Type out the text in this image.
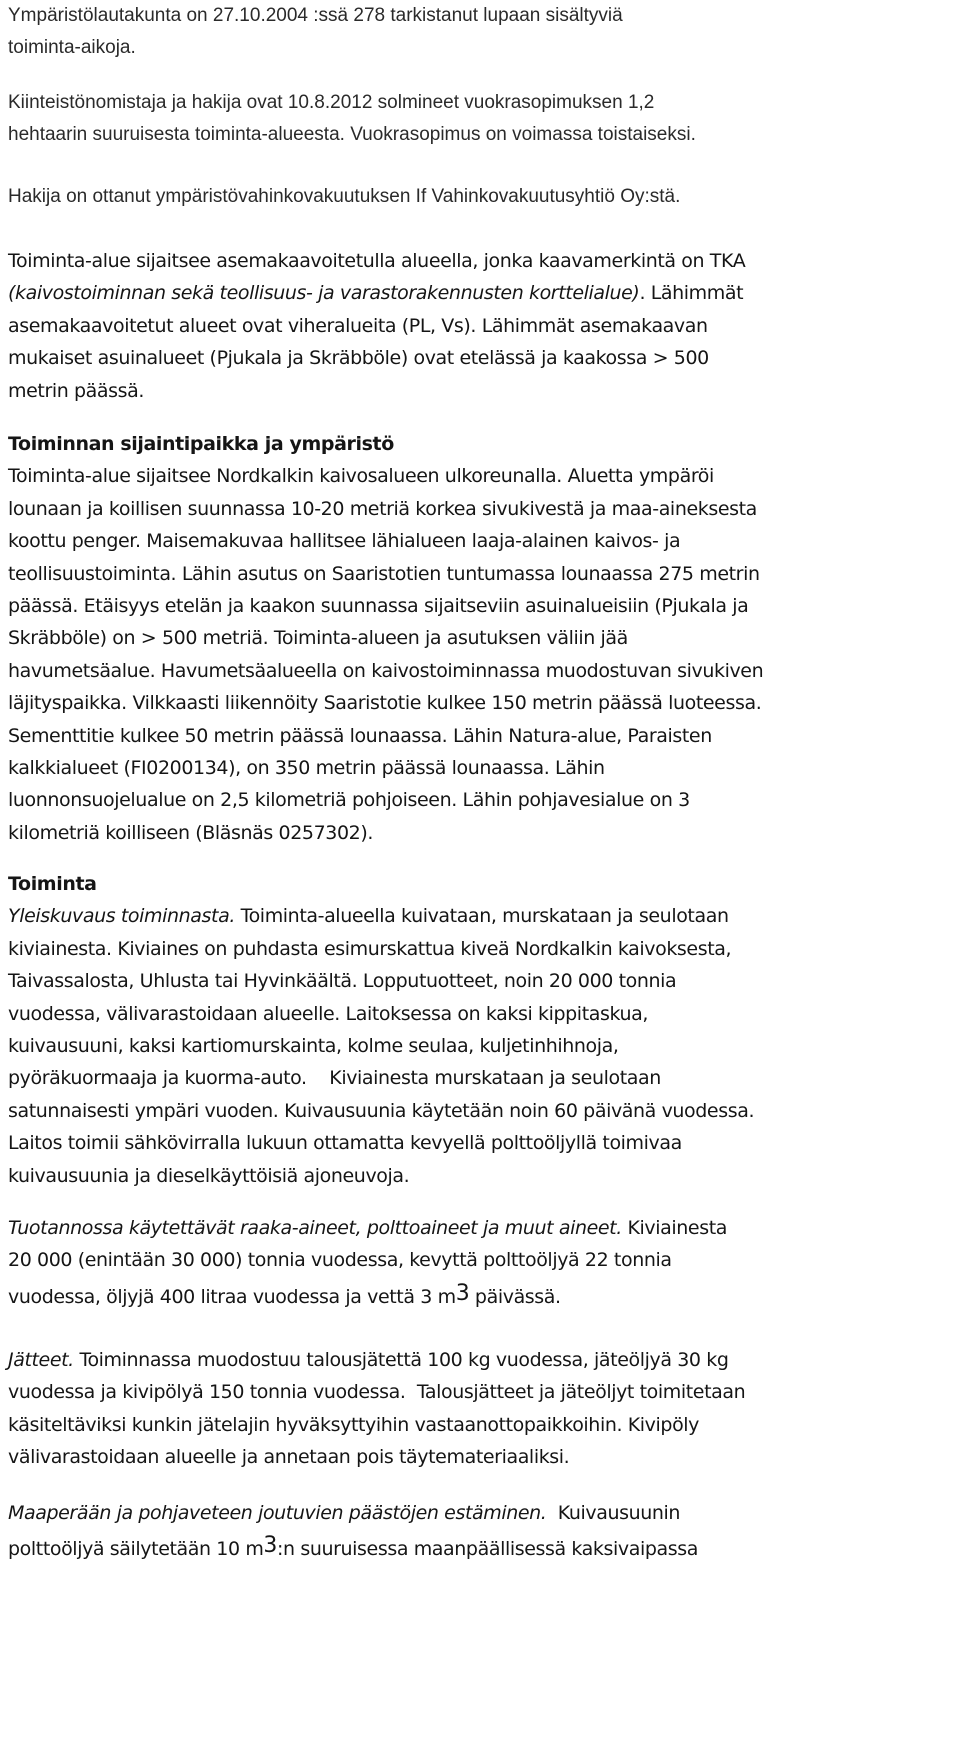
Ympäristölautakunta on 27.10.2004 :ssä 278 tarkistanut lupaan sisältyviä
toiminta-aikoja.
Kiinteistönomistaja ja hakija ovat 10.8.2012 solmineet vuokrasopimuksen 1,2
hehtaarin suuruisesta toiminta-alueesta. Vuokrasopimus on voimassa toistaiseksi.
Hakija on ottanut ympäristövahinkovakuutuksen If Vahinkovakuutusyhtiö Oy:stä.
Toiminta-alue sijaitsee asemakaavoitetulla alueella, jonka kaavamerkintä on TKA
(kaivostoiminnan sekä teollisuus- ja varastorakennusten korttelialue). Lähimmät
asemakaavoitetut alueet ovat viheralueita (PL, Vs). Lähimmät asemakaavan
mukaiset asuinalueet (Pjukala ja Skräbböle) ovat etelässä ja kaakossa > 500
metrin päässä.
Toiminnan sijaintipaikka ja ympäristö
Toiminta-alue sijaitsee Nordkalkin kaivosalueen ulkoreunalla. Aluetta ympäröi
lounaan ja koillisen suunnassa 10-20 metriä korkea sivukivestä ja maa-aineksesta
koottu penger. Maisemakuvaa hallitsee lähialueen laaja-alainen kaivos- ja
teollisuustoiminta. Lähin asutus on Saaristotien tuntumassa lounaassa 275 metrin
päässä. Etäisyys etelän ja kaakon suunnassa sijaitseviin asuinalueisiin (Pjukala ja
Skräbböle) on > 500 metriä. Toiminta-alueen ja asutuksen väliin jää
havumetsäalue. Havumetsäalueella on kaivostoiminnassa muodostuvan sivukiven
läjityspaikka. Vilkkaasti liikennöity Saaristotie kulkee 150 metrin päässä luoteessa.
Sementtitie kulkee 50 metrin päässä lounaassa. Lähin Natura-alue, Paraisten
kalkkialueet (FI0200134), on 350 metrin päässä lounaassa. Lähin
luonnonsuojelualue on 2,5 kilometriä pohjoiseen. Lähin pohjavesialue on 3
kilometriä koilliseen (Bläsnäs 0257302).
Toiminta
Yleiskuvaus toiminnasta. Toiminta-alueella kuivataan, murskataan ja seulotaan
kiviainesta. Kiviaines on puhdasta esimurskattua kiveä Nordkalkin kaivoksesta,
Taivassalosta, Uhlusta tai Hyvinkäältä. Lopputuotteet, noin 20 000 tonnia
vuodessa, välivarastoidaan alueelle. Laitoksessa on kaksi kippitaskua,
kuivausuuni, kaksi kartiomurskainta, kolme seulaa, kuljetinhihnoja,
pyöräkuormaaja ja kuorma-auto.    Kiviainesta murskataan ja seulotaan
satunnaisesti ympäri vuoden. Kuivausuunia käytetään noin 60 päivänä vuodessa.
Laitos toimii sähkövirralla lukuun ottamatta kevyellä polttoöljyllä toimivaa
kuivausuunia ja dieselkäyttöisiä ajoneuvoja.
Tuotannossa käytettävät raaka-aineet, polttoaineet ja muut aineet. Kiviainesta
20 000 (enintään 30 000) tonnia vuodessa, kevyttä polttoöljyä 22 tonnia
vuodessa, öljyjä 400 litraa vuodessa ja vettä 3 $m^3$ päivässä.
Jätteet. Toiminnassa muodostuu talousjätettä 100 kg vuodessa, jäteöljyä 30 kg
vuodessa ja kivipölyä 150 tonnia vuodessa.  Talousjätteet ja jäteöljyt toimitetaan
käsiteltäviksi kunkin jätelajin hyväksyttyihin vastaanottopaikkoihin. Kivipöly
välivarastoidaan alueelle ja annetaan pois täytemateriaaliksi.
Maaperään ja pohjaveteen joutuvien päästöjen estäminen.  Kuivausuunin
polttoöljyä säilytetään 10 $m^3:n$ suuruisessa maanpäällisessä kaksivaipassa
